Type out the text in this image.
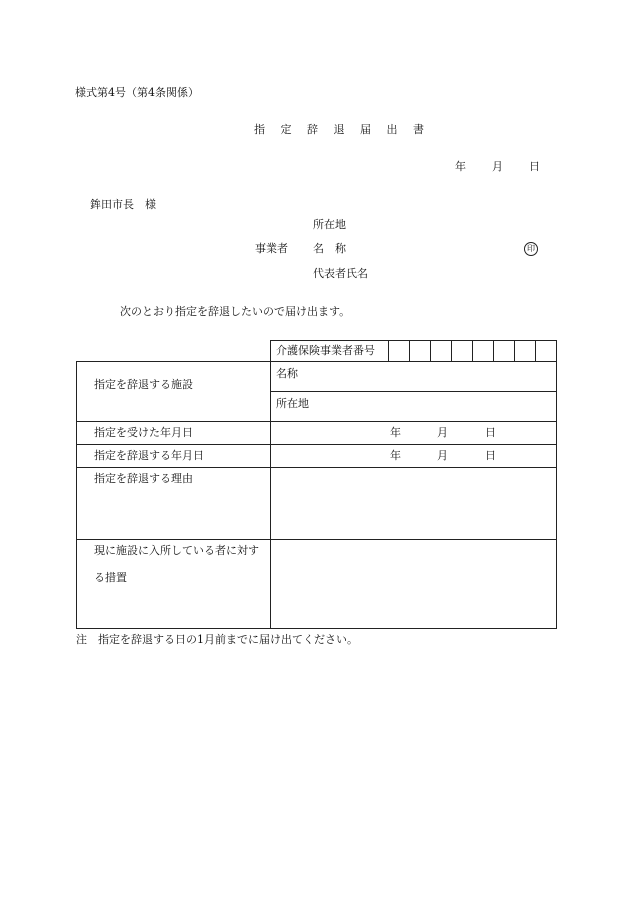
様式第4号（第4条関係）
指 定 辞 退 届 出 書
年 月 日
鉾田市長　様
所在地
事業者 名　称	印
代表者氏名
次のとおり指定を辞退したいので届け出ます。
介護保険事業者番号
指定を辞退する施設
名称
所在地
指定を受けた年月日	年	月	日
指定を辞退する年月日	年	月	日
指定を辞退する理由
現に施設に入所している者に対す
る措置
注　指定を辞退する日の1月前までに届け出てください。
